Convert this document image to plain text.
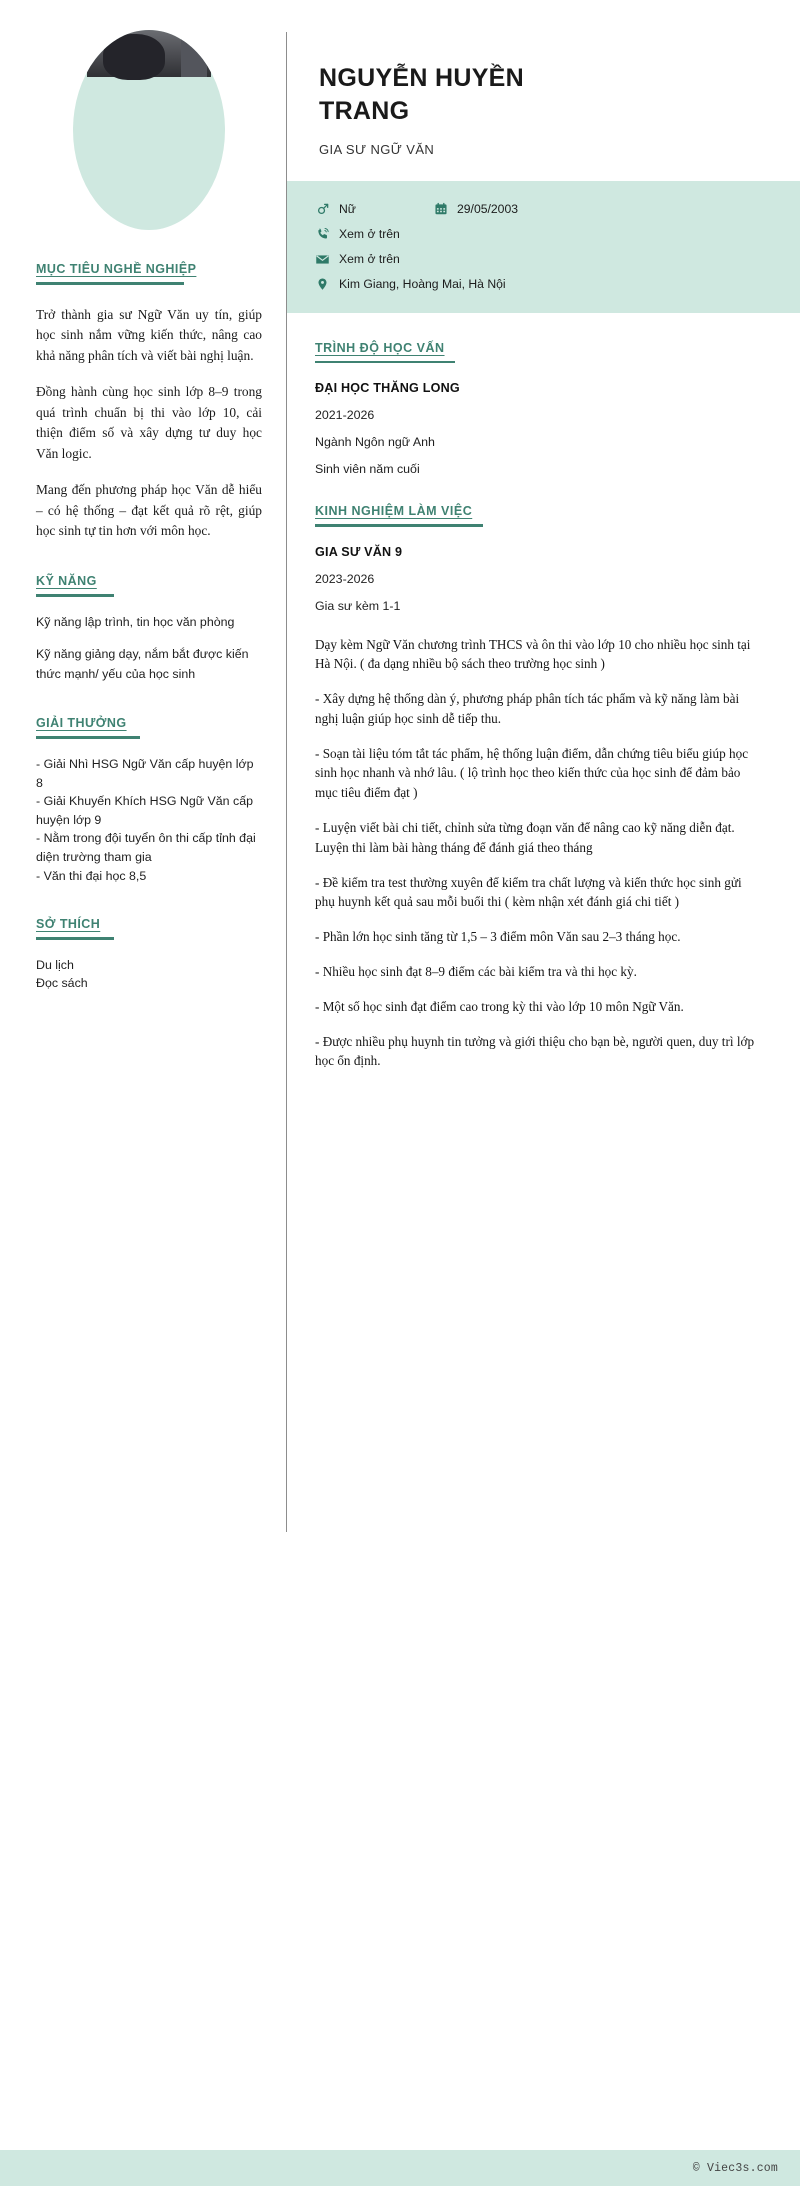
MỤC TIÊU NGHỀ NGHIỆP

Trở thành gia sư Ngữ Văn uy tín, giúp học sinh nắm vững kiến thức, nâng cao khả năng phân tích và viết bài nghị luận.

Đồng hành cùng học sinh lớp 8–9 trong quá trình chuẩn bị thi vào lớp 10, cải thiện điểm số và xây dựng tư duy học Văn logic.

Mang đến phương pháp học Văn dễ hiểu – có hệ thống – đạt kết quả rõ rệt, giúp học sinh tự tin hơn với môn học.

KỸ NĂNG

Kỹ năng lập trình, tin học văn phòng

Kỹ năng giảng dạy, nắm bắt được kiến thức mạnh/ yếu của học sinh

GIẢI THƯỞNG
- Giải Nhì HSG Ngữ Văn cấp huyện lớp 8
- Giải Khuyến Khích HSG Ngữ Văn cấp huyện lớp 9
- Nằm trong đội tuyển ôn thi cấp tỉnh đại diện trường tham gia
- Văn thi đại học 8,5
SỞ THÍCH
Du lịch
Đọc sách
NGUYỄN HUYỀN TRANG
GIA SƯ NGỮ VĂN
Nữ	29/05/2003
Xem ở trên
Xem ở trên
Kim Giang, Hoàng Mai, Hà Nội
TRÌNH ĐỘ HỌC VẤN
ĐẠI HỌC THĂNG LONG
2021-2026
Ngành Ngôn ngữ Anh
Sinh viên năm cuối
KINH NGHIỆM LÀM VIỆC
GIA SƯ VĂN 9
2023-2026
Gia sư kèm 1-1

Dạy kèm Ngữ Văn chương trình THCS và ôn thi vào lớp 10 cho nhiều học sinh tại Hà Nội. ( đa dạng nhiều bộ sách theo trường học sinh )

- Xây dựng hệ thống dàn ý, phương pháp phân tích tác phẩm và kỹ năng làm bài nghị luận giúp học sinh dễ tiếp thu.

- Soạn tài liệu tóm tắt tác phẩm, hệ thống luận điểm, dẫn chứng tiêu biểu giúp học sinh học nhanh và nhớ lâu. ( lộ trình học theo kiến thức của học sinh để đảm bảo mục tiêu điểm đạt )

- Luyện viết bài chi tiết, chỉnh sửa từng đoạn văn để nâng cao kỹ năng diễn đạt. Luyện thi làm bài hàng tháng để đánh giá theo tháng

- Đề kiểm tra test thường xuyên để kiểm tra chất lượng và kiến thức học sinh gửi phụ huynh kết quả sau mỗi buổi thi ( kèm nhận xét đánh giá chi tiết )

- Phần lớn học sinh tăng từ 1,5 – 3 điểm môn Văn sau 2–3 tháng học.

- Nhiều học sinh đạt 8–9 điểm các bài kiểm tra và thi học kỳ.

- Một số học sinh đạt điểm cao trong kỳ thi vào lớp 10 môn Ngữ Văn.

- Được nhiều phụ huynh tin tưởng và giới thiệu cho bạn bè, người quen, duy trì lớp học ổn định.

© Viec3s.com
